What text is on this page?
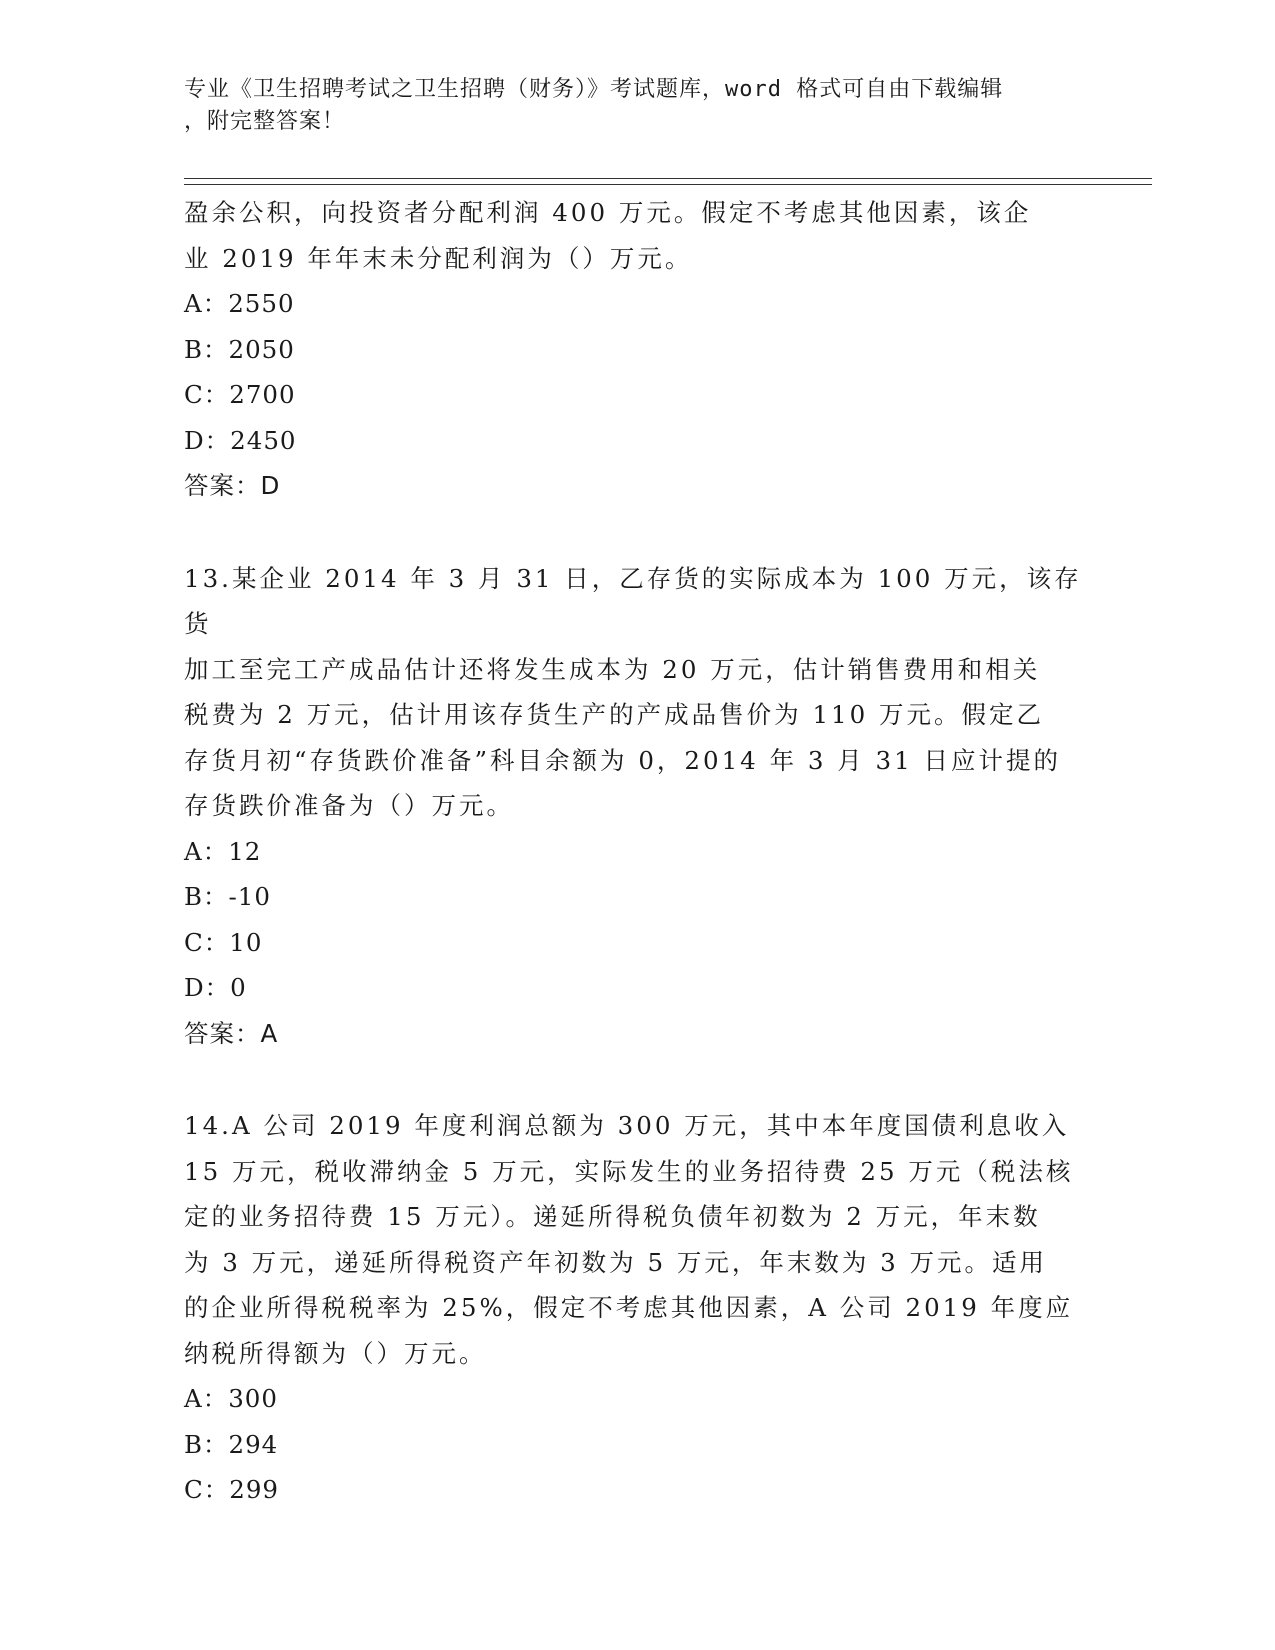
专业《卫生招聘考试之卫生招聘（财务）》考试题库，word 格式可自由下载编辑
，附完整答案！

盈余公积，向投资者分配利润 400 万元。假定不考虑其他因素，该企

业 2019 年年末未分配利润为（）万元。

A：2550

B：2050

C：2700

D：2450

答案：D

13.某企业 2014 年 3 月 31 日，乙存货的实际成本为 100 万元，该存货

加工至完工产成品估计还将发生成本为 20 万元，估计销售费用和相关

税费为 2 万元，估计用该存货生产的产成品售价为 110 万元。假定乙

存货月初“存货跌价准备”科目余额为 0，2014 年 3 月 31 日应计提的

存货跌价准备为（）万元。

A：12

B：-10

C：10

D：0

答案：A

14.A 公司 2019 年度利润总额为 300 万元，其中本年度国债利息收入

15 万元，税收滞纳金 5 万元，实际发生的业务招待费 25 万元（税法核

定的业务招待费 15 万元）。递延所得税负债年初数为 2 万元，年末数

为 3 万元，递延所得税资产年初数为 5 万元，年末数为 3 万元。适用

的企业所得税税率为 25%，假定不考虑其他因素，A 公司 2019 年度应

纳税所得额为（）万元。

A：300

B：294

C：299
